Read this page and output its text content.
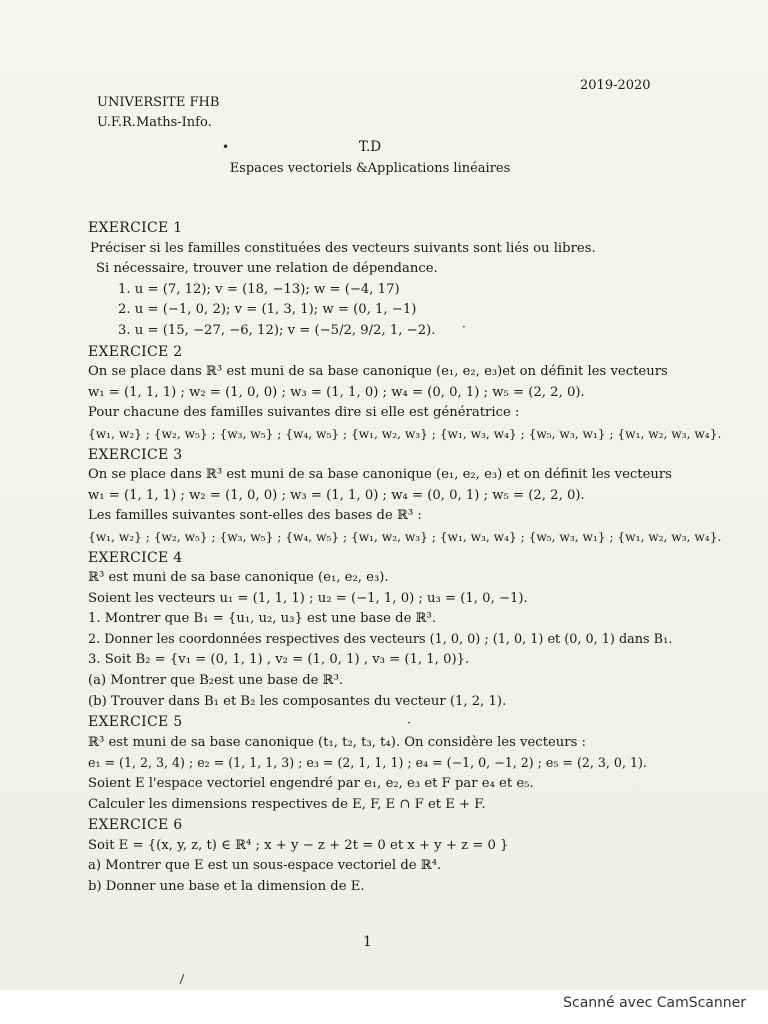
2019-2020
UNIVERSITE FHB
U.F.R.Maths-Info.
T.D
Espaces vectoriels &Applications linéaires
•
·
·
\
EXERCICE 1
Préciser si les familles constituées des vecteurs suivants sont liés ou libres.
Si nécessaire, trouver une relation de dépendance.
1. u = (7, 12); v = (18, −13); w = (−4, 17)
2. u = (−1, 0, 2); v = (1, 3, 1); w = (0, 1, −1)
3. u = (15, −27, −6, 12); v = (−5/2, 9/2, 1, −2).
EXERCICE 2
On se place dans ℝ³ est muni de sa base canonique (e₁, e₂, e₃)et on définit les vecteurs
w₁ = (1, 1, 1) ; w₂ = (1, 0, 0) ; w₃ = (1, 1, 0) ; w₄ = (0, 0, 1) ; w₅ = (2, 2, 0).
Pour chacune des familles suivantes dire si elle est génératrice :
{w₁, w₂} ; {w₂, w₅} ; {w₃, w₅} ; {w₄, w₅} ; {w₁, w₂, w₃} ; {w₁, w₃, w₄} ; {w₅, w₃, w₁} ; {w₁, w₂, w₃, w₄}.
EXERCICE 3
On se place dans ℝ³ est muni de sa base canonique (e₁, e₂, e₃) et on définit les vecteurs
w₁ = (1, 1, 1) ; w₂ = (1, 0, 0) ; w₃ = (1, 1, 0) ; w₄ = (0, 0, 1) ; w₅ = (2, 2, 0).
Les familles suivantes sont-elles des bases de ℝ³ :
{w₁, w₂} ; {w₂, w₅} ; {w₃, w₅} ; {w₄, w₅} ; {w₁, w₂, w₃} ; {w₁, w₃, w₄} ; {w₅, w₃, w₁} ; {w₁, w₂, w₃, w₄}.
EXERCICE 4
ℝ³ est muni de sa base canonique (e₁, e₂, e₃).
Soient les vecteurs u₁ = (1, 1, 1) ; u₂ = (−1, 1, 0) ; u₃ = (1, 0, −1).
1. Montrer que B₁ = {u₁, u₂, u₃} est une base de ℝ³.
2. Donner les coordonnées respectives des vecteurs (1, 0, 0) ; (1, 0, 1) et (0, 0, 1) dans B₁.
3. Soit B₂ = {v₁ = (0, 1, 1) , v₂ = (1, 0, 1) , v₃ = (1, 1, 0)}.
(a) Montrer que B₂est une base de ℝ³.
(b) Trouver dans B₁ et B₂ les composantes du vecteur (1, 2, 1).
EXERCICE 5
ℝ³ est muni de sa base canonique (t₁, t₂, t₃, t₄). On considère les vecteurs :
e₁ = (1, 2, 3, 4) ; e₂ = (1, 1, 1, 3) ; e₃ = (2, 1, 1, 1) ; e₄ = (−1, 0, −1, 2) ; e₅ = (2, 3, 0, 1).
Soient E l'espace vectoriel engendré par e₁, e₂, e₃ et F par e₄ et e₅.
Calculer les dimensions respectives de E, F, E ∩ F et E + F.
EXERCICE 6
Soit E = {(x, y, z, t) ∈ ℝ⁴ ; x + y − z + 2t = 0 et x + y + z = 0 }
a) Montrer que E est un sous-espace vectoriel de ℝ⁴.
b) Donner une base et la dimension de E.
1
Scanné avec CamScanner
